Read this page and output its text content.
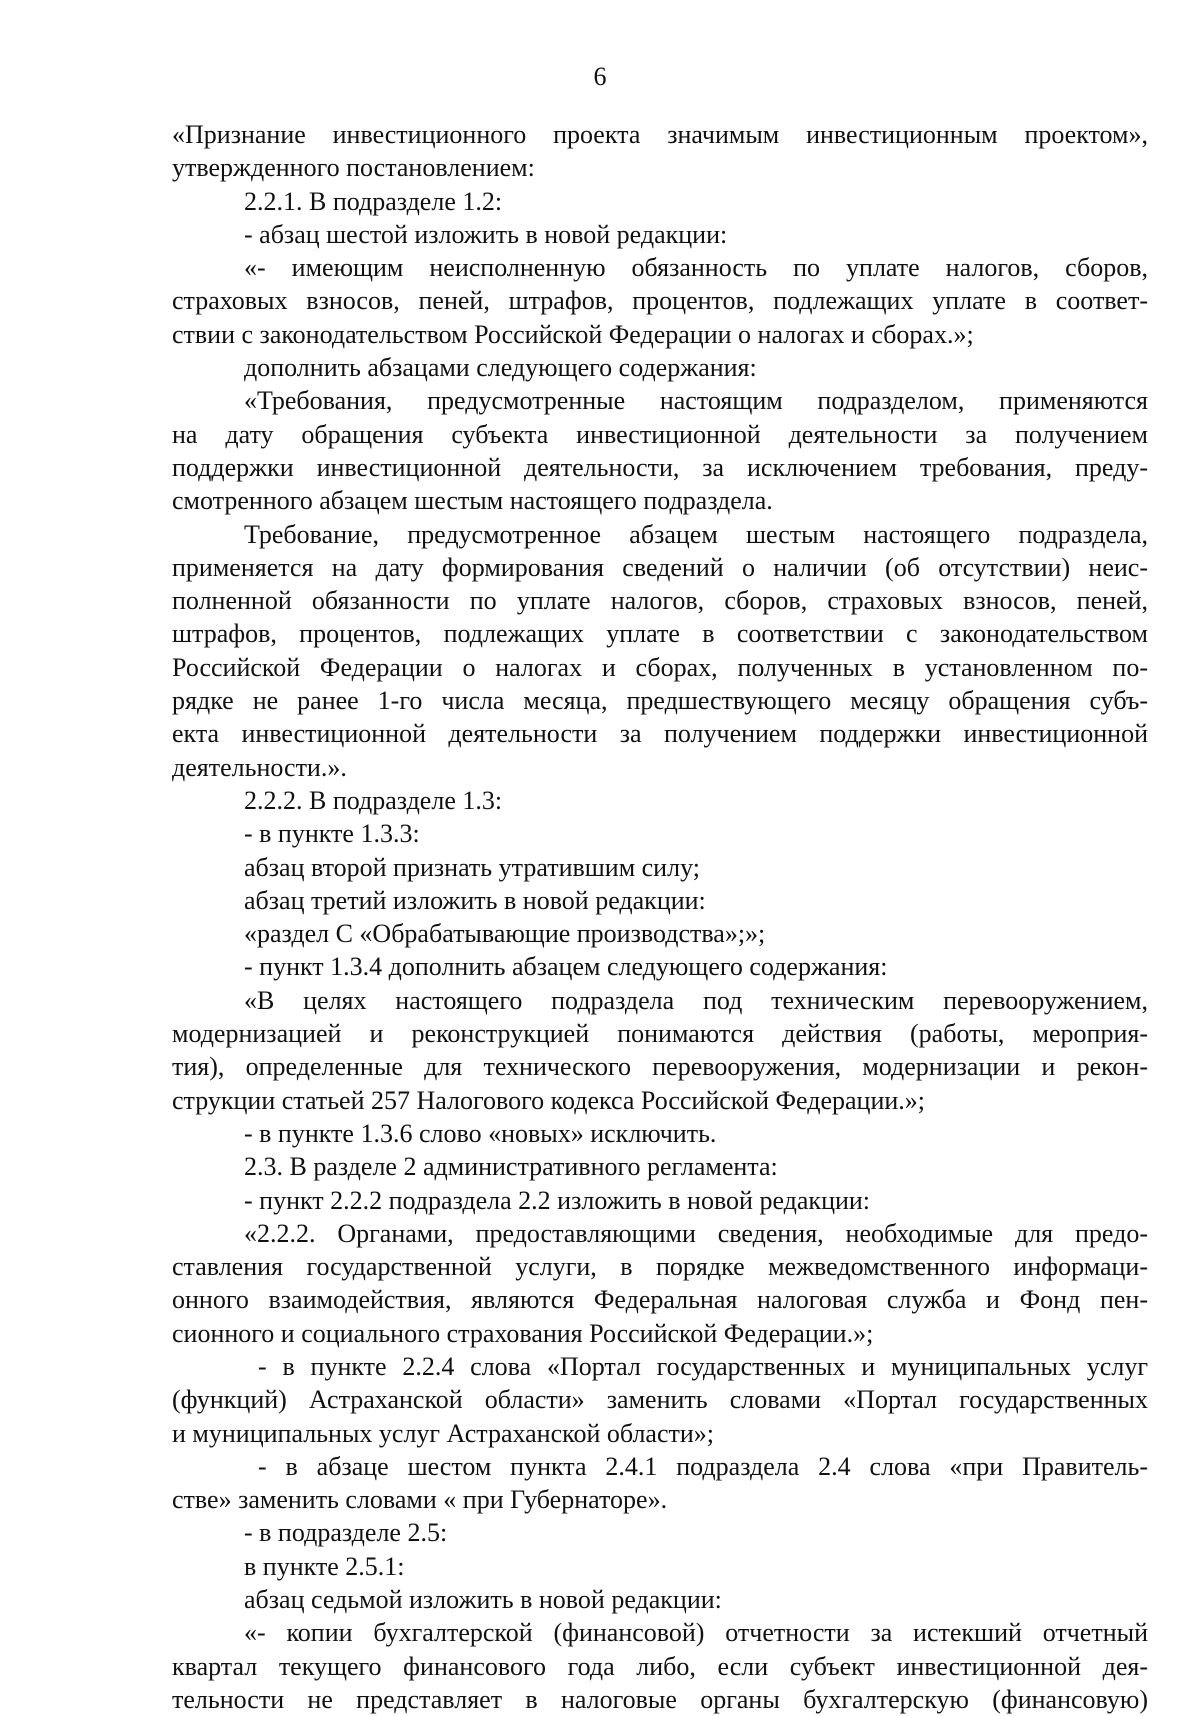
6
«Признание инвестиционного проекта значимым инвестиционным проектом»,
утвержденного постановлением:
2.2.1. В подразделе 1.2:
- абзац шестой изложить в новой редакции:
«- имеющим неисполненную обязанность по уплате налогов, сборов,
страховых взносов, пеней, штрафов, процентов, подлежащих уплате в соответ-
ствии с законодательством Российской Федерации о налогах и сборах.»;
дополнить абзацами следующего содержания:
«Требования, предусмотренные настоящим подразделом, применяются
на дату обращения субъекта инвестиционной деятельности за получением
поддержки инвестиционной деятельности, за исключением требования, преду-
смотренного абзацем шестым настоящего подраздела.
Требование, предусмотренное абзацем шестым настоящего подраздела,
применяется на дату формирования сведений о наличии (об отсутствии) неис-
полненной обязанности по уплате налогов, сборов, страховых взносов, пеней,
штрафов, процентов, подлежащих уплате в соответствии с законодательством
Российской Федерации о налогах и сборах, полученных в установленном по-
рядке не ранее 1-го числа месяца, предшествующего месяцу обращения субъ-
екта инвестиционной деятельности за получением поддержки инвестиционной
деятельности.».
2.2.2. В подразделе 1.3:
- в пункте 1.3.3:
абзац второй признать утратившим силу;
абзац третий изложить в новой редакции:
«раздел С «Обрабатывающие производства»;»;
- пункт 1.3.4 дополнить абзацем следующего содержания:
«В целях настоящего подраздела под техническим перевооружением,
модернизацией и реконструкцией понимаются действия (работы, мероприя-
тия), определенные для технического перевооружения, модернизации и рекон-
струкции статьей 257 Налогового кодекса Российской Федерации.»;
- в пункте 1.3.6 слово «новых» исключить.
2.3. В разделе 2 административного регламента:
- пункт 2.2.2 подраздела 2.2 изложить в новой редакции:
«2.2.2. Органами, предоставляющими сведения, необходимые для предо-
ставления государственной услуги, в порядке межведомственного информаци-
онного взаимодействия, являются Федеральная налоговая служба и Фонд пен-
сионного и социального страхования Российской Федерации.»;
- в пункте 2.2.4 слова «Портал государственных и муниципальных услуг
(функций) Астраханской области» заменить словами «Портал государственных
и муниципальных услуг Астраханской области»;
- в абзаце шестом пункта 2.4.1 подраздела 2.4 слова «при Правитель-
стве» заменить словами « при Губернаторе».
- в подразделе 2.5:
в пункте 2.5.1:
абзац седьмой изложить в новой редакции:
«- копии бухгалтерской (финансовой) отчетности за истекший отчетный
квартал текущего финансового года либо, если субъект инвестиционной дея-
тельности не представляет в налоговые органы бухгалтерскую (финансовую)
